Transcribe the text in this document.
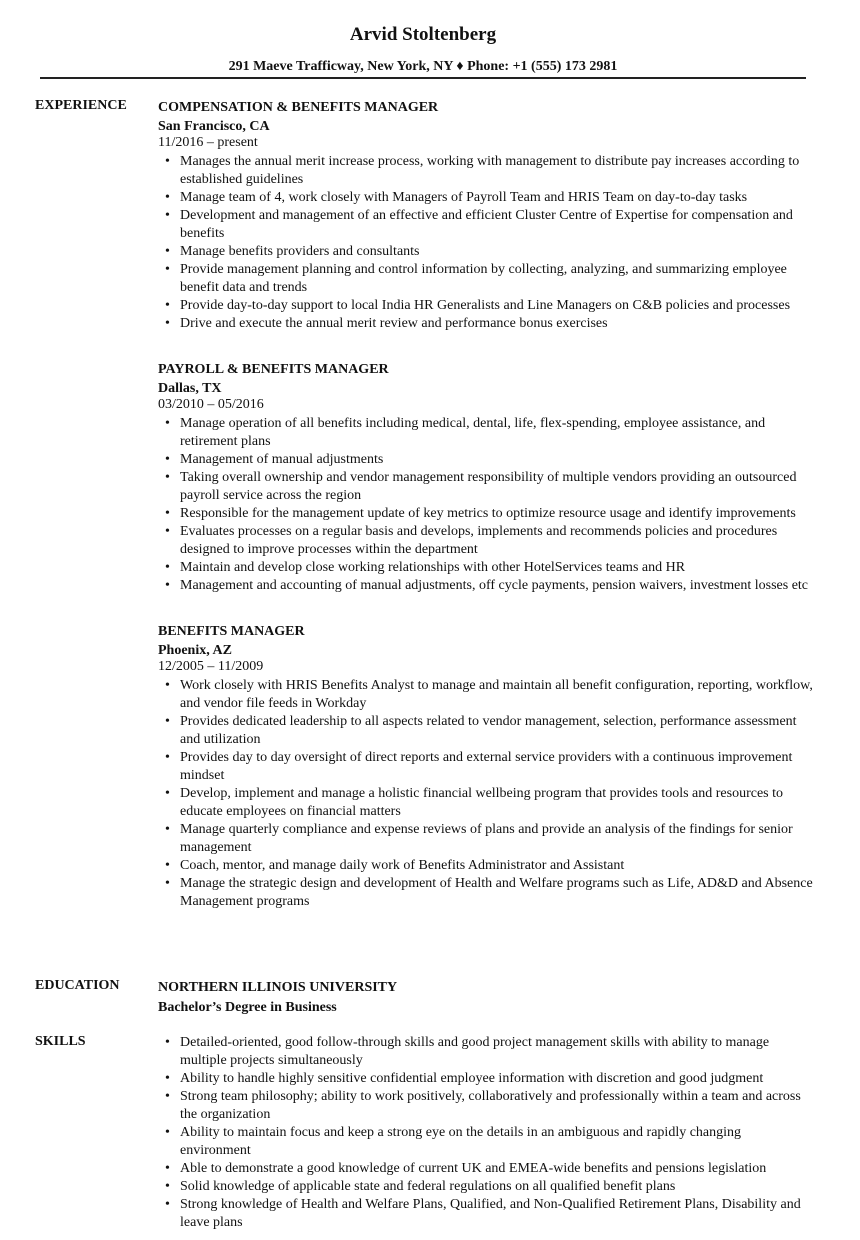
Arvid Stoltenberg
291 Maeve Trafficway, New York, NY ♦ Phone: +1 (555) 173 2981
EXPERIENCE COMPENSATION & BENEFITS MANAGER
San Francisco, CA
11/2016 – present
• Manages the annual merit increase process, working with management to distribute pay increases according to established guidelines
• Manage team of 4, work closely with Managers of Payroll Team and HRIS Team on day-to-day tasks
• Development and management of an effective and efficient Cluster Centre of Expertise for compensation and benefits
• Manage benefits providers and consultants
• Provide management planning and control information by collecting, analyzing, and summarizing employee benefit data and trends
• Provide day-to-day support to local India HR Generalists and Line Managers on C&B policies and processes
• Drive and execute the annual merit review and performance bonus exercises
PAYROLL & BENEFITS MANAGER
Dallas, TX
03/2010 – 05/2016
• Manage operation of all benefits including medical, dental, life, flex-spending, employee assistance, and retirement plans
• Management of manual adjustments
• Taking overall ownership and vendor management responsibility of multiple vendors providing an outsourced payroll service across the region
• Responsible for the management update of key metrics to optimize resource usage and identify improvements
• Evaluates processes on a regular basis and develops, implements and recommends policies and procedures designed to improve processes within the department
• Maintain and develop close working relationships with other HotelServices teams and HR
• Management and accounting of manual adjustments, off cycle payments, pension waivers, investment losses etc
BENEFITS MANAGER
Phoenix, AZ
12/2005 – 11/2009
• Work closely with HRIS Benefits Analyst to manage and maintain all benefit configuration, reporting, workflow, and vendor file feeds in Workday
• Provides dedicated leadership to all aspects related to vendor management, selection, performance assessment and utilization
• Provides day to day oversight of direct reports and external service providers with a continuous improvement mindset
• Develop, implement and manage a holistic financial wellbeing program that provides tools and resources to educate employees on financial matters
• Manage quarterly compliance and expense reviews of plans and provide an analysis of the findings for senior management
• Coach, mentor, and manage daily work of Benefits Administrator and Assistant
• Manage the strategic design and development of Health and Welfare programs such as Life, AD&D and Absence Management programs
EDUCATION	NORTHERN ILLINOIS UNIVERSITY
Bachelor’s Degree in Business
SKILLS
•	Detailed-oriented, good follow-through skills and good project management skills with ability to manage multiple projects simultaneously
• Ability to handle highly sensitive confidential employee information with discretion and good judgment
• Strong team philosophy; ability to work positively, collaboratively and professionally within a team and across the organization
• Ability to maintain focus and keep a strong eye on the details in an ambiguous and rapidly changing environment
• Able to demonstrate a good knowledge of current UK and EMEA-wide benefits and pensions legislation
• Solid knowledge of applicable state and federal regulations on all qualified benefit plans
• Strong knowledge of Health and Welfare Plans, Qualified, and Non-Qualified Retirement Plans, Disability and leave plans
